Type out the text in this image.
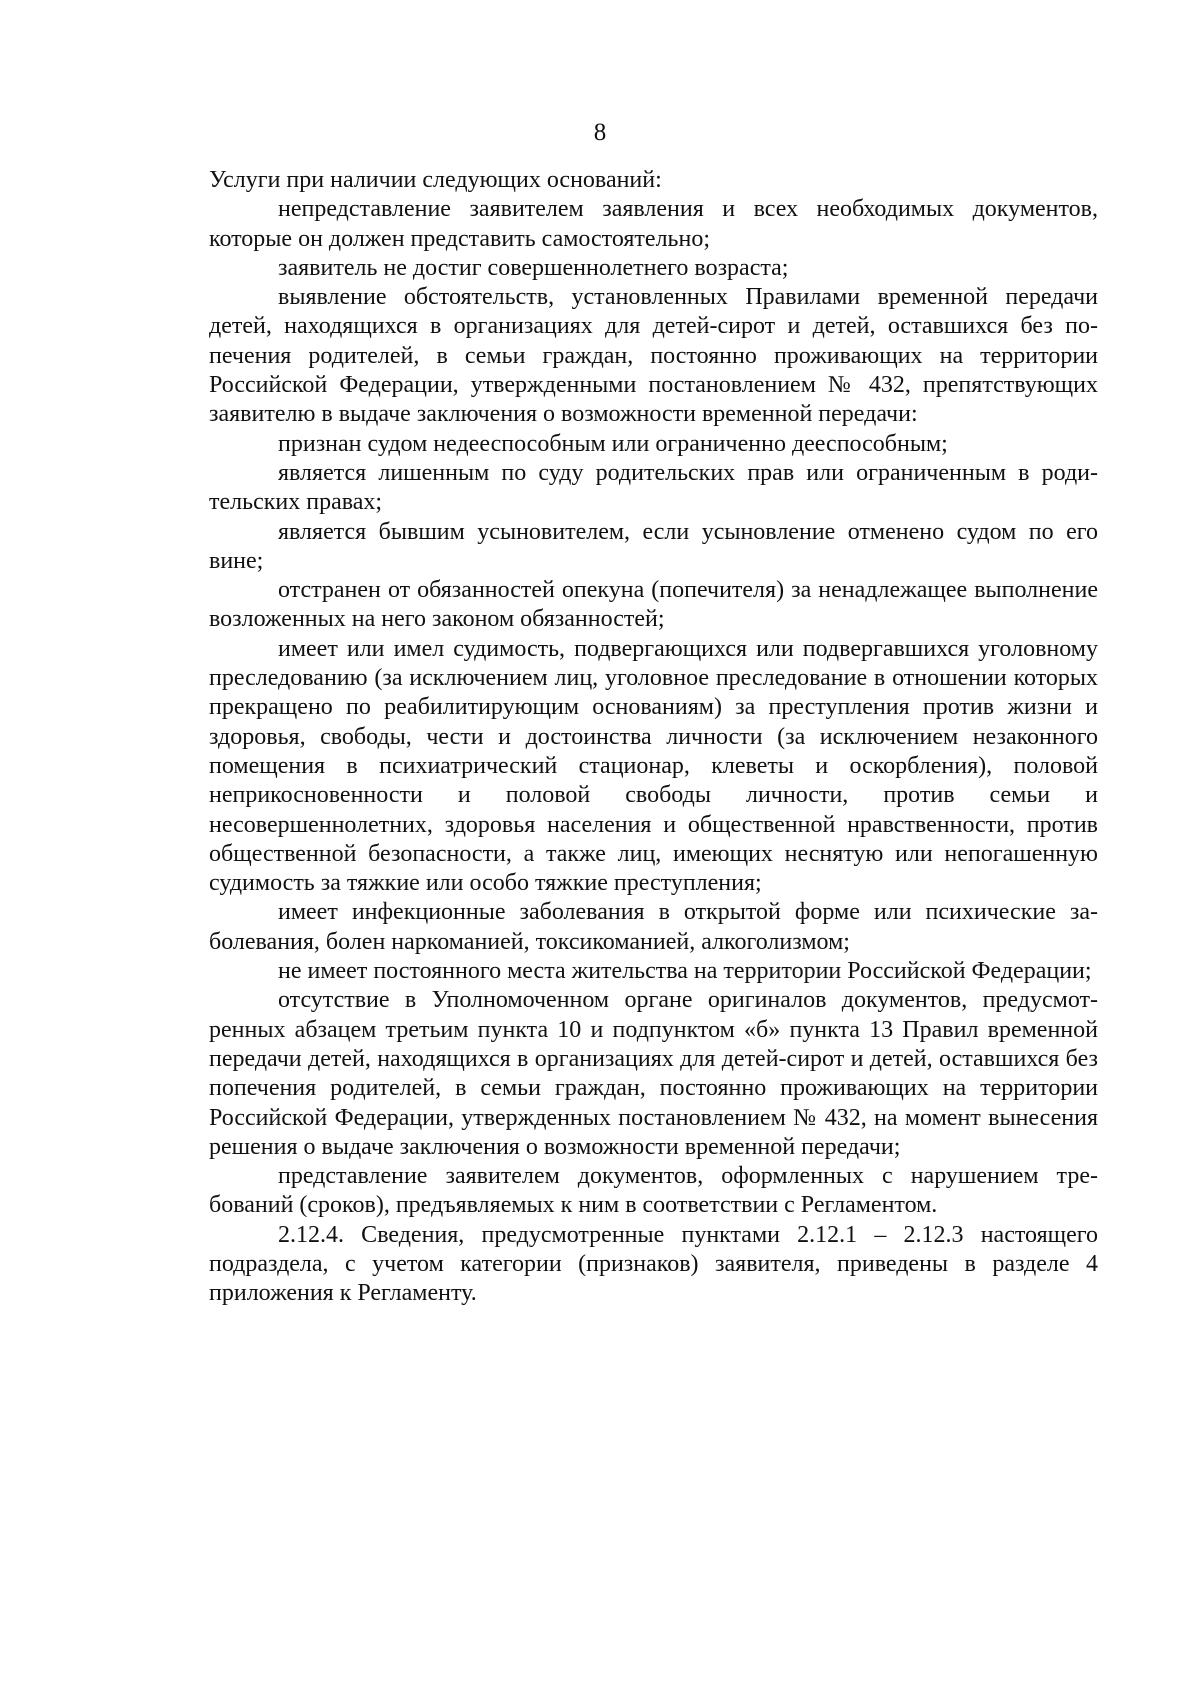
8

Услуги при наличии следующих оснований:

непредставление заявителем заявления и всех необходимых документов, которые он должен представить самостоятельно;

заявитель не достиг совершеннолетнего возраста;

выявление обстоятельств, установленных Правилами временной передачи детей, находящихся в организациях для детей-сирот и детей, оставшихся без попечения родителей, в семьи граждан, постоянно проживающих на территории Российской Федерации, утвержденными постановлением № 432, препятствующих заявителю в выдаче заключения о возможности временной передачи:

признан судом недееспособным или ограниченно дееспособным;

является лишенным по суду родительских прав или ограниченным в родительских правах;

является бывшим усыновителем, если усыновление отменено судом по его вине;

отстранен от обязанностей опекуна (попечителя) за ненадлежащее выполнение возложенных на него законом обязанностей;

имеет или имел судимость, подвергающихся или подвергавшихся уголовному преследованию (за исключением лиц, уголовное преследование в отношении которых прекращено по реабилитирующим основаниям) за преступления против жизни и здоровья, свободы, чести и достоинства личности (за исключением незаконного помещения в психиатрический стационар, клеветы и оскорбления), половой неприкосновенности и половой свободы личности, против семьи и несовершеннолетних, здоровья населения и общественной нравственности, против общественной безопасности, а также лиц, имеющих неснятую или непогашенную судимость за тяжкие или особо тяжкие преступления;

имеет инфекционные заболевания в открытой форме или психические заболевания, болен наркоманией, токсикоманией, алкоголизмом;

не имеет постоянного места жительства на территории Российской Федерации;

отсутствие в Уполномоченном органе оригиналов документов, предусмотренных абзацем третьим пункта 10 и подпунктом «б» пункта 13 Правил временной передачи детей, находящихся в организациях для детей-сирот и детей, оставшихся без попечения родителей, в семьи граждан, постоянно проживающих на территории Российской Федерации, утвержденных постановлением № 432, на момент вынесения решения о выдаче заключения о возможности временной передачи;

представление заявителем документов, оформленных с нарушением требований (сроков), предъявляемых к ним в соответствии с Регламентом.

2.12.4. Сведения, предусмотренные пунктами 2.12.1 – 2.12.3 настоящего подраздела, с учетом категории (признаков) заявителя, приведены в разделе 4 приложения к Регламенту.
